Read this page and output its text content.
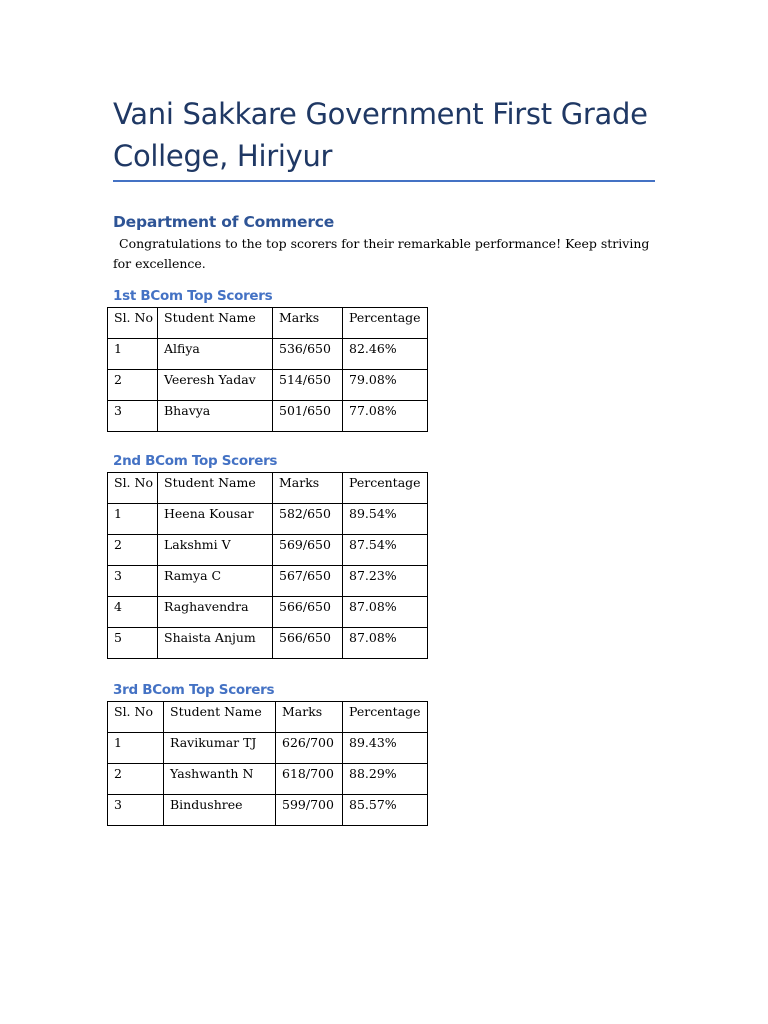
Vani Sakkare Government First Grade College, Hiriyur
Department of Commerce

Congratulations to the top scorers for their remarkable performance! Keep striving for excellence.

1st BCom Top Scorers
Sl. No	Student Name	Marks	Percentage
1	Alfiya	536/650	82.46%
2	Veeresh Yadav	514/650	79.08%
3	Bhavya	501/650	77.08%
2nd BCom Top Scorers
Sl. No	Student Name	Marks	Percentage
1	Heena Kousar	582/650	89.54%
2	Lakshmi V	569/650	87.54%
3	Ramya C	567/650	87.23%
4	Raghavendra	566/650	87.08%
5	Shaista Anjum	566/650	87.08%
3rd BCom Top Scorers
Sl. No	Student Name	Marks	Percentage
1	Ravikumar TJ	626/700	89.43%
2	Yashwanth N	618/700	88.29%
3	Bindushree	599/700	85.57%
